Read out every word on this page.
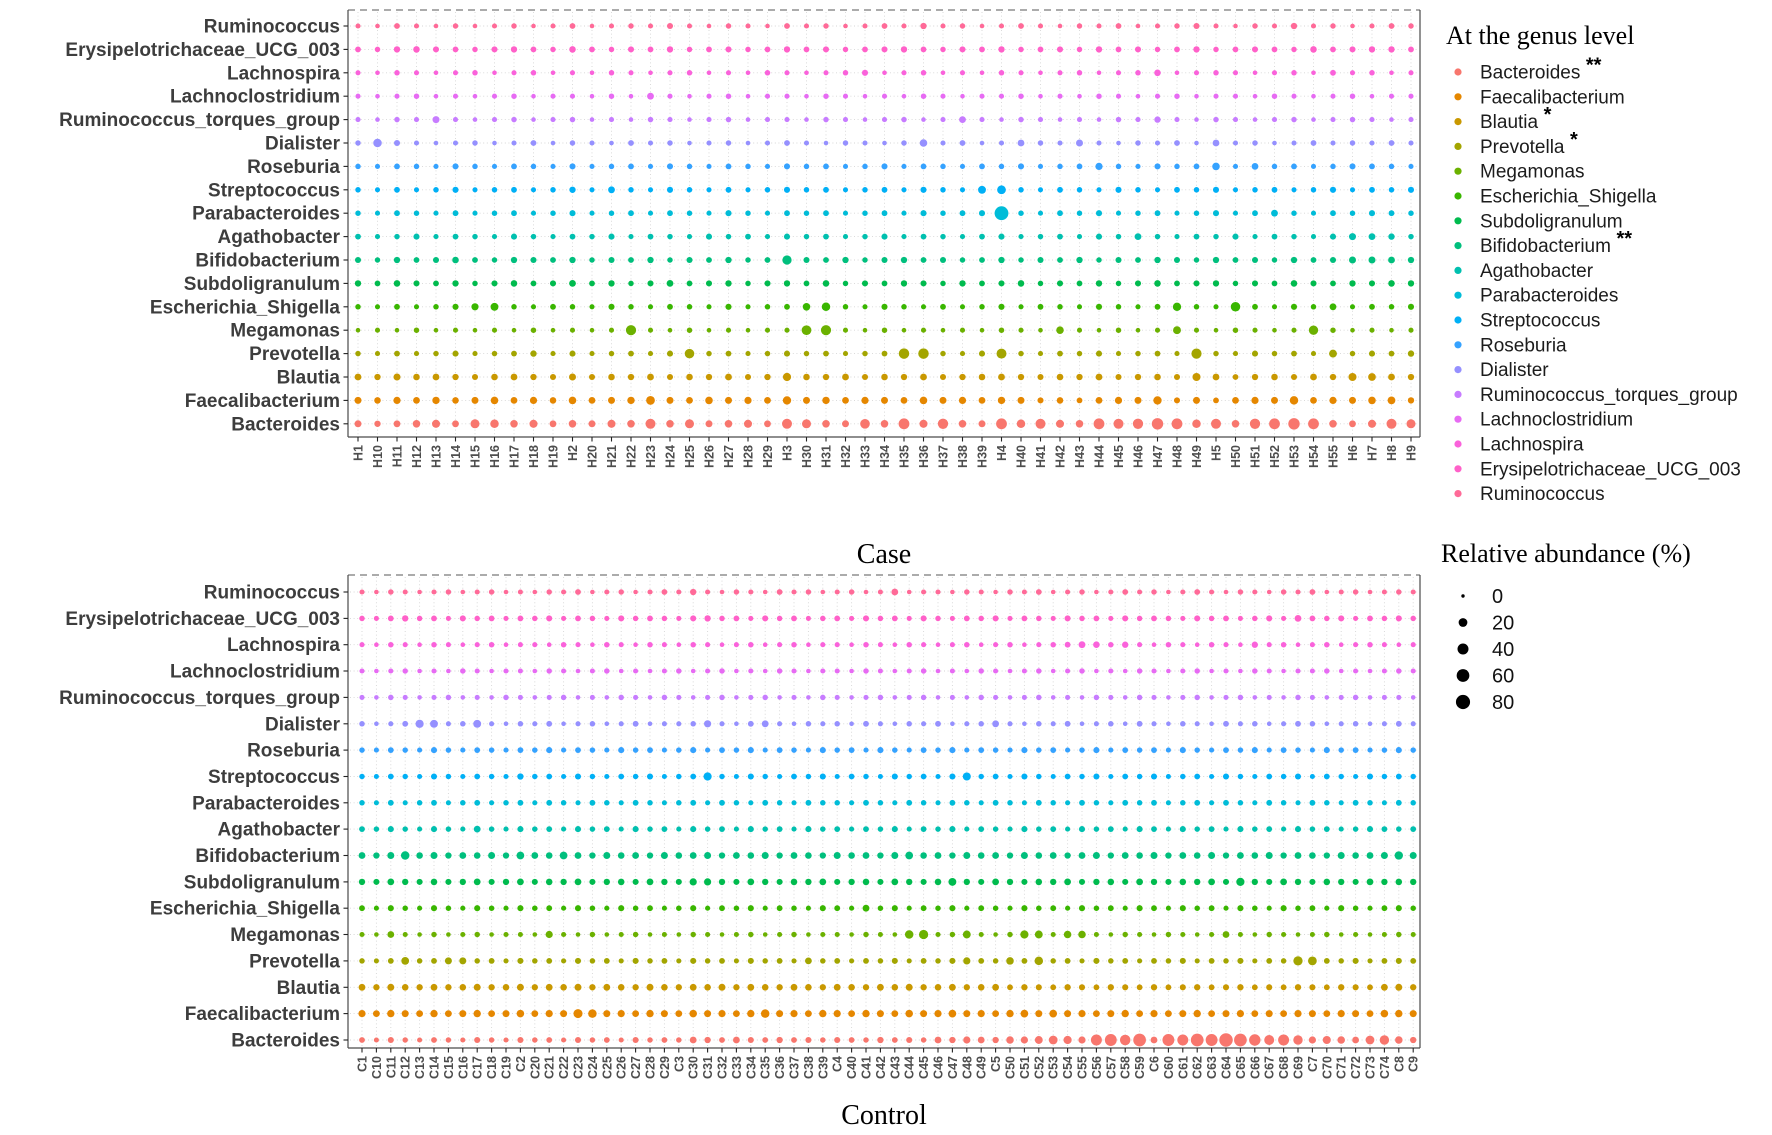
Ruminococcus
Erysipelotrichaceae_UCG_003
Lachnospira
Lachnoclostridium
Ruminococcus_torques_group
Dialister
Roseburia
Streptococcus
Parabacteroides
Agathobacter
Bifidobacterium
Subdoligranulum
Escherichia_Shigella
Megamonas
Prevotella
Blautia
Faecalibacterium
Bacteroides
H1 H10 H11 H12 H13 H14 H15 H16 H17 H18 H19 H2 H20 H21 H22 H23 H24 H25 H26 H27 H28 H29 H3 H30 H31 H32 H33 H34 H35 H36 H37 H38 H39 H4 H40 H41 H42 H43 H44 H45 H46 H47 H48 H49 H5 H50 H51 H52 H53 H54 H55 H6 H7 H8 H9
Ruminococcus
Erysipelotrichaceae_UCG_003
Lachnospira
Lachnoclostridium
Ruminococcus_torques_group
Dialister
Roseburia
Streptococcus
Parabacteroides
Agathobacter
Bifidobacterium
Subdoligranulum
Escherichia_Shigella
Megamonas
Prevotella
Blautia
Faecalibacterium
Bacteroides
C1 C10 C11 C12 C13 C14 C15 C16 C17 C18 C19 C2 C20 C21 C22 C23 C24 C25 C26 C27 C28 C29 C3 C30 C31 C32 C33 C34 C35 C36 C37 C38 C39 C4 C40 C41 C42 C43 C44 C45 C46 C47 C48 C49 C5 C50 C51 C52 C53 C54 C55 C56 C57 C58 C59 C6 C60 C61 C62 C63 C64 C65 C66 C67 C68 C69 C7 C70 C71 C72 C73 C74 C8 C9
Case
Control
At the genus level
Bacteroides **
Faecalibacterium
Blautia *
Prevotella *
Megamonas
Escherichia_Shigella
Subdoligranulum
Bifidobacterium **
Agathobacter
Parabacteroides
Streptococcus
Roseburia
Dialister
Ruminococcus_torques_group
Lachnoclostridium
Lachnospira
Erysipelotrichaceae_UCG_003
Ruminococcus
Relative abundance (%)
0
20
40
60
80
